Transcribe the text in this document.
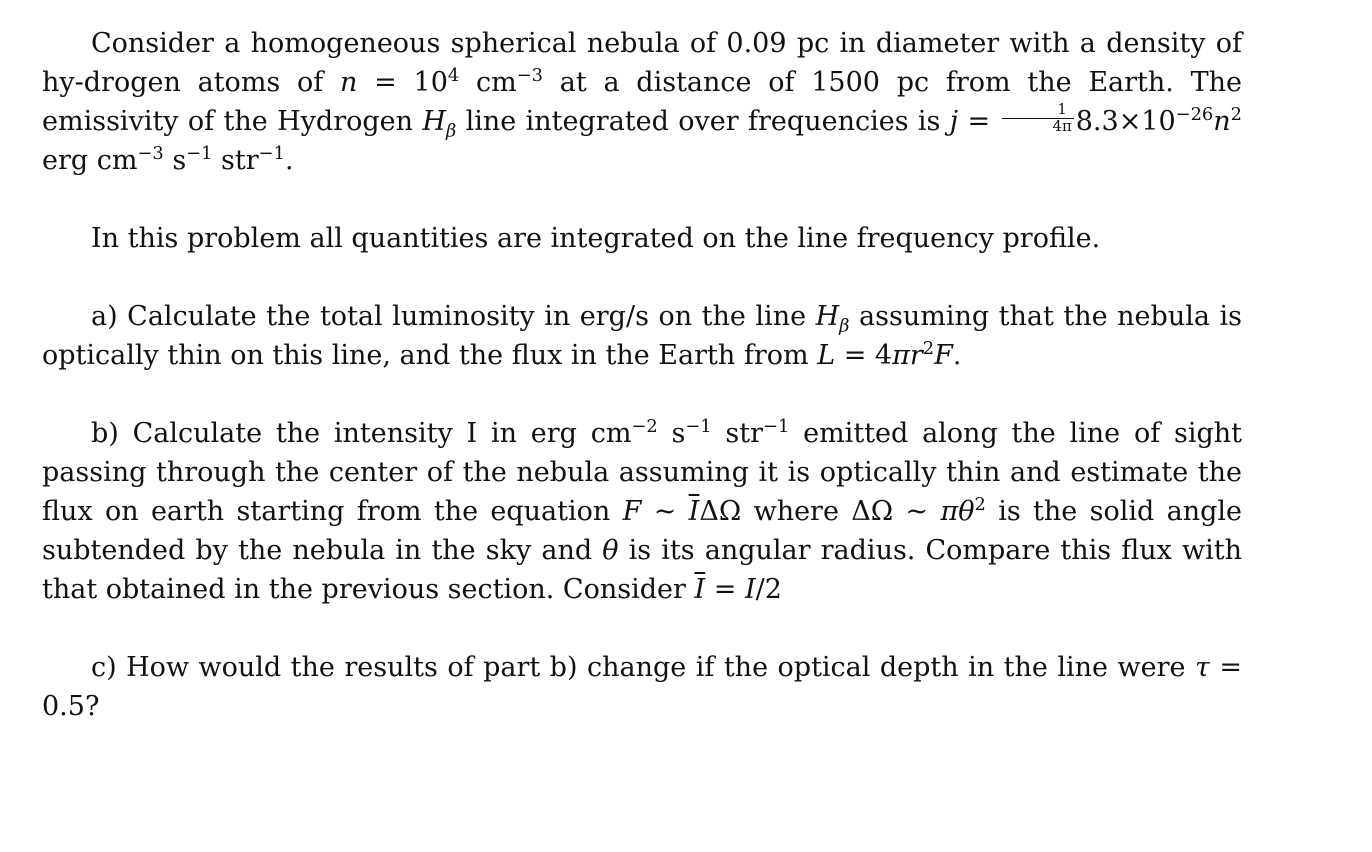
Consider a homogeneous spherical nebula of 0.09 pc in diameter with a density of hy-drogen atoms of $n = 10^4$ $cm^{-3}$ at a distance of 1500 pc from the Earth. The emissivity of the Hydrogen $H_\beta$ line integrated over frequencies is $j = \frac{1}{4\pi} 8.3\times 10^{-26}n^2$ erg $cm^{-3}$ $s^{-1}$ str$^{-1}$.

In this problem all quantities are integrated on the line frequency profile.

a) Calculate the total luminosity in erg/s on the line $H_\beta$ assuming that the nebula is optically thin on this line, and the flux in the Earth from $L = 4\pi r^2F$.

b) Calculate the intensity I in erg $cm^{-2}$ $s^{-1}$ str$^{-1}$ emitted along the line of sight passing through the center of the nebula assuming it is optically thin and estimate the flux on earth starting from the equation F ~ $\overline{I}\Delta\Omega$ where ΔΩ ~ $\pi\theta^2$ is the solid angle subtended by the nebula in the sky and θ is its angular radius. Compare this flux with that obtained in the previous section. Consider $\overline{I} = I/2$

c) How would the results of part b) change if the optical depth in the line were τ = 0.5?
